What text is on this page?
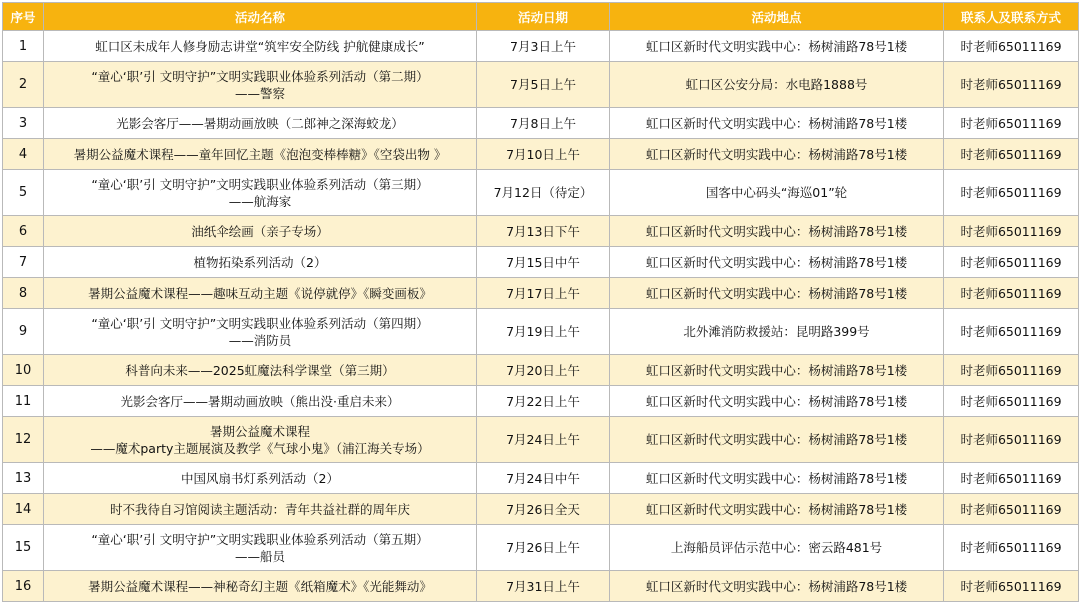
序号	活动名称	活动日期	活动地点	联系人及联系方式
1	虹口区未成年人修身励志讲堂“筑牢安全防线 护航健康成长”	7月3日上午	虹口区新时代文明实践中心：杨树浦路78号1楼	时老师65011169
2	“童心‘职’引 文明守护”文明实践职业体验系列活动（第二期）
——警察	7月5日上午	虹口区公安分局：水电路1888号	时老师65011169
3	光影会客厅——暑期动画放映（二郎神之深海蛟龙）	7月8日上午	虹口区新时代文明实践中心：杨树浦路78号1楼	时老师65011169
4	暑期公益魔术课程——童年回忆主题《泡泡变棒棒糖》《空袋出物 》	7月10日上午	虹口区新时代文明实践中心：杨树浦路78号1楼	时老师65011169
5	“童心‘职’引 文明守护”文明实践职业体验系列活动（第三期）
——航海家	7月12日（待定）	国客中心码头“海巡01”轮	时老师65011169
6	油纸伞绘画（亲子专场）	7月13日下午	虹口区新时代文明实践中心：杨树浦路78号1楼	时老师65011169
7	植物拓染系列活动（2）	7月15日中午	虹口区新时代文明实践中心：杨树浦路78号1楼	时老师65011169
8	暑期公益魔术课程——趣味互动主题《说停就停》《瞬变画板》	7月17日上午	虹口区新时代文明实践中心：杨树浦路78号1楼	时老师65011169
9	“童心‘职’引 文明守护”文明实践职业体验系列活动（第四期）
——消防员	7月19日上午	北外滩消防救援站：昆明路399号	时老师65011169
10	科普向未来——2025虹魔法科学课堂（第三期）	7月20日上午	虹口区新时代文明实践中心：杨树浦路78号1楼	时老师65011169
11	光影会客厅——暑期动画放映（熊出没·重启未来）	7月22日上午	虹口区新时代文明实践中心：杨树浦路78号1楼	时老师65011169
12	暑期公益魔术课程
——魔术party主题展演及教学《气球小鬼》（浦江海关专场）	7月24日上午	虹口区新时代文明实践中心：杨树浦路78号1楼	时老师65011169
13	中国风扇书灯系列活动（2）	7月24日中午	虹口区新时代文明实践中心：杨树浦路78号1楼	时老师65011169
14	时不我待自习馆阅读主题活动：青年共益社群的周年庆	7月26日全天	虹口区新时代文明实践中心：杨树浦路78号1楼	时老师65011169
15	“童心‘职’引 文明守护”文明实践职业体验系列活动（第五期）
——船员	7月26日上午	上海船员评估示范中心：密云路481号	时老师65011169
16	暑期公益魔术课程——神秘奇幻主题《纸箱魔术》《光能舞动》	7月31日上午	虹口区新时代文明实践中心：杨树浦路78号1楼	时老师65011169
